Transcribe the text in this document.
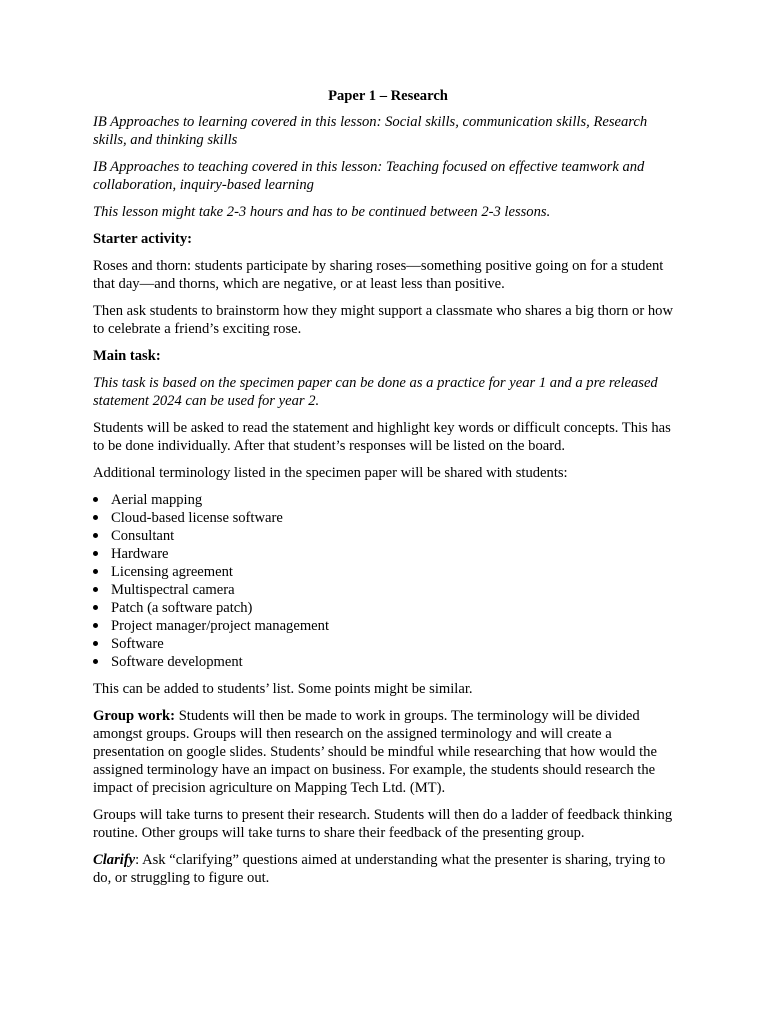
Paper 1 – Research

IB Approaches to learning covered in this lesson: Social skills, communication skills, Research skills, and thinking skills

IB Approaches to teaching covered in this lesson: Teaching focused on effective teamwork and collaboration, inquiry-based learning

This lesson might take 2-3 hours and has to be continued between 2-3 lessons.

Starter activity:

Roses and thorn: students participate by sharing roses—something positive going on for a student that day—and thorns, which are negative, or at least less than positive.

Then ask students to brainstorm how they might support a classmate who shares a big thorn or how to celebrate a friend’s exciting rose.

Main task:

This task is based on the specimen paper can be done as a practice for year 1 and a pre released statement 2024 can be used for year 2.

Students will be asked to read the statement and highlight key words or difficult concepts. This has to be done individually. After that student’s responses will be listed on the board.

Additional terminology listed in the specimen paper will be shared with students:

Aerial mapping
Cloud-based license software
Consultant
Hardware
Licensing agreement
Multispectral camera
Patch (a software patch)
Project manager/project management
Software
Software development

This can be added to students’ list. Some points might be similar.

Group work: Students will then be made to work in groups. The terminology will be divided amongst groups. Groups will then research on the assigned terminology and will create a presentation on google slides. Students’ should be mindful while researching that how would the assigned terminology have an impact on business. For example, the students should research the impact of precision agriculture on Mapping Tech Ltd. (MT).

Groups will take turns to present their research. Students will then do a ladder of feedback thinking routine. Other groups will take turns to share their feedback of the presenting group.

Clarify: Ask “clarifying” questions aimed at understanding what the presenter is sharing, trying to do, or struggling to figure out.
